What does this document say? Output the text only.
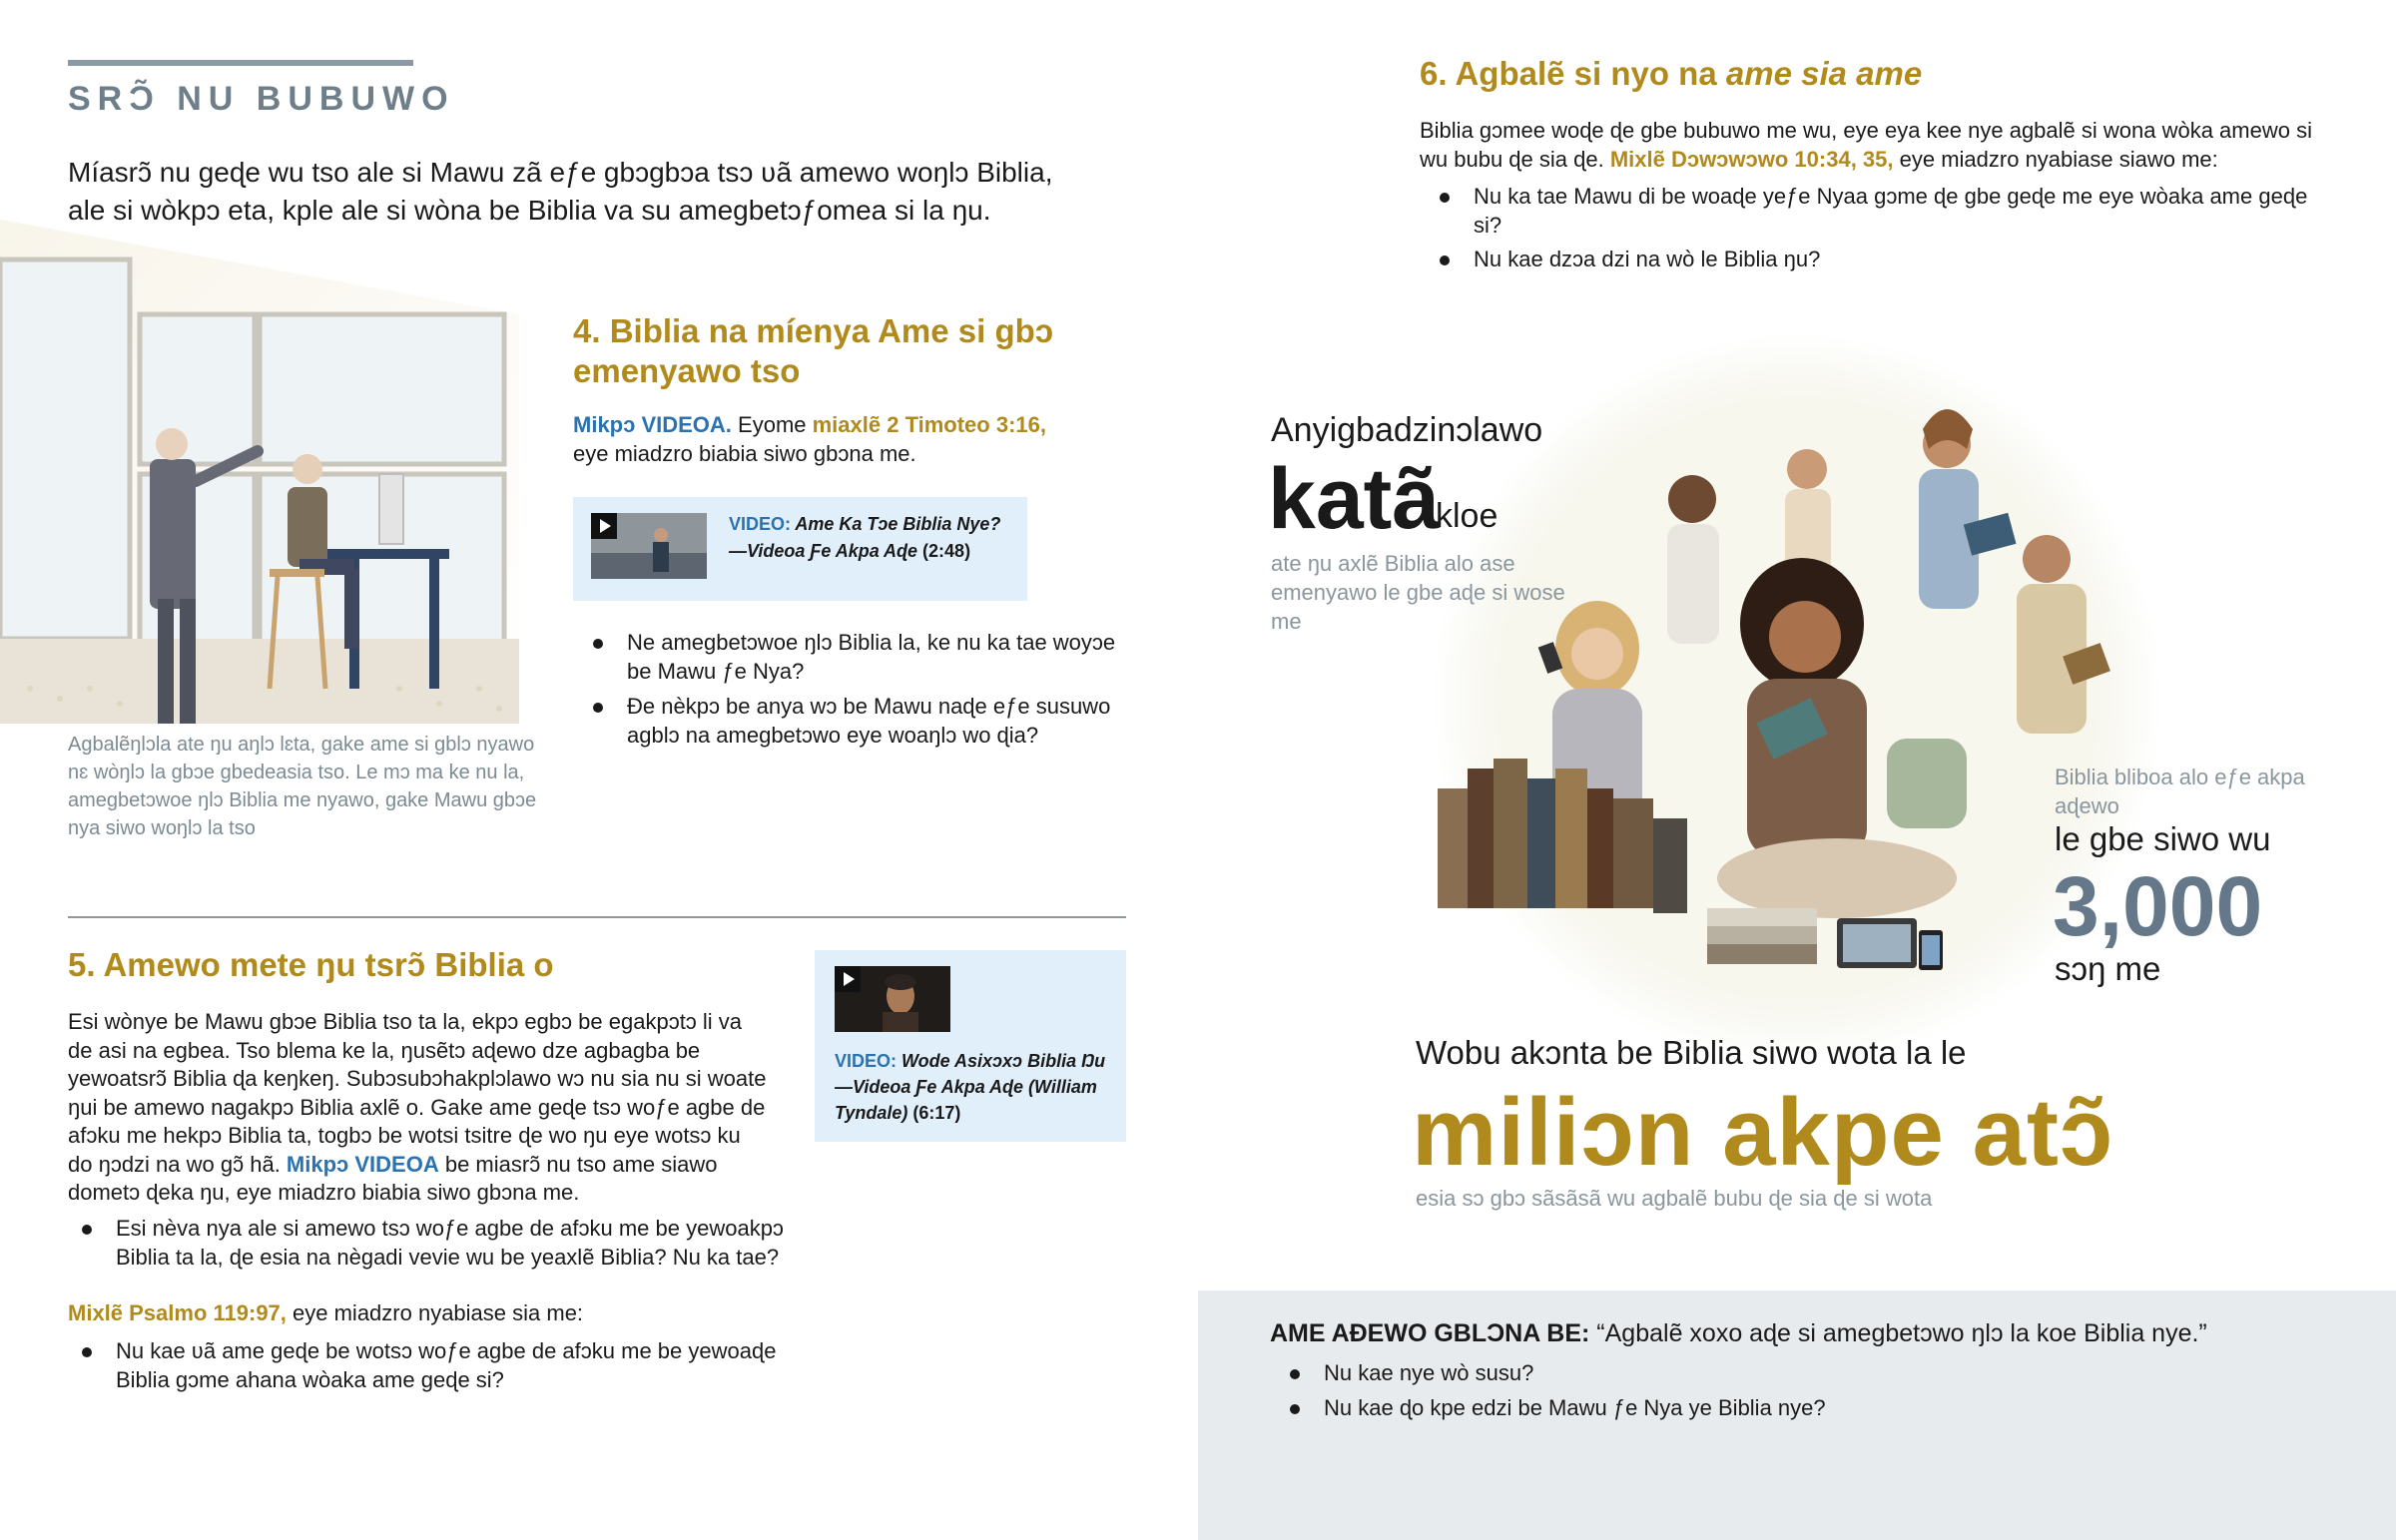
SRƆ̃ NU BUBUWO

Míasrɔ̃ nu geɖe wu tso ale si Mawu zã eƒe gbɔgbɔa tsɔ ʋã amewo woŋlɔ Biblia, ale si wòkpɔ eta, kple ale si wòna be Biblia va su amegbetɔƒomea si la ŋu.

Agbalẽŋlɔla ate ŋu aŋlɔ lɛta, gake ame si gblɔ nyawo nɛ wòŋlɔ la gbɔe gbedeasia tso. Le mɔ ma ke nu la, amegbetɔwoe ŋlɔ Biblia me nyawo, gake Mawu gbɔe nya siwo woŋlɔ la tso

4. Biblia na míenya Ame si gbɔ emenyawo tso

Mikpɔ VIDEOA. Eyome miaxlẽ 2 Timoteo 3:16,
eye miadzro biabia siwo gbɔna me.

VIDEO: Ame Ka Tɔe Biblia Nye? —Videoa Ƒe Akpa Aɖe (2:48)
Ne amegbetɔwoe ŋlɔ Biblia la, ke nu ka tae woyɔe be Mawu ƒe Nya?
Ɖe nèkpɔ be anya wɔ be Mawu naɖe eƒe susuwo agblɔ na amegbetɔwo eye woaŋlɔ wo ɖia?
5. Amewo mete ŋu tsrɔ̃ Biblia o

Esi wònye be Mawu gbɔe Biblia tso ta la, ekpɔ egbɔ be egakpɔtɔ li va de asi na egbea. Tso blema ke la, ŋusẽtɔ aɖewo dze agbagba be yewoatsrɔ̃ Biblia ɖa keŋkeŋ. Subɔsubɔhakplɔlawo wɔ nu sia nu si woate ŋui be amewo nagakpɔ Biblia axlẽ o. Gake ame geɖe tsɔ woƒe agbe de afɔku me hekpɔ Biblia ta, togbɔ be wotsi tsitre ɖe wo ŋu eye wotsɔ ku do ŋɔdzi na wo gɔ̃ hã. Mikpɔ VIDEOA be miasrɔ̃ nu tso ame siawo dometɔ ɖeka ŋu, eye miadzro biabia siwo gbɔna me.

Esi nèva nya ale si amewo tsɔ woƒe agbe de afɔku me be yewoakpɔ Biblia ta la, ɖe esia na nègadi vevie wu be yeaxlẽ Biblia? Nu ka tae?

Mixlẽ Psalmo 119:97, eye miadzro nyabiase sia me:

Nu kae ʋã ame geɖe be wotsɔ woƒe agbe de afɔku me be yewoaɖe Biblia gɔme ahana wòaka ame geɖe si?
VIDEO: Wode Asixɔxɔ Biblia Ŋu—Videoa Ƒe Akpa Aɖe (William Tyndale) (6:17)
6. Agbalẽ si nyo na ame sia ame

Biblia gɔmee woɖe ɖe gbe bubuwo me wu, eye eya kee nye agbalẽ si wona wòka amewo si wu bubu ɖe sia ɖe. Mixlẽ Dɔwɔwɔwo 10:34, 35, eye miadzro nyabiase siawo me:

Nu ka tae Mawu di be woaɖe yeƒe Nyaa gɔme ɖe gbe geɖe me eye wòaka ame geɖe si?
Nu kae dzɔa dzi na wò le Biblia ŋu?
Anyigbadzinɔlawo
katã
kloe

ate ŋu axlẽ Biblia alo ase emenyawo le gbe aɖe si wose me

Biblia bliboa alo eƒe akpa aɖewo

le gbe siwo wu
3,000
sɔŋ me
Wobu akɔnta be Biblia siwo wota la le
miliɔn akpe atɔ̃
esia sɔ gbɔ sãsãsã wu agbalẽ bubu ɖe sia ɖe si wota

AME AƉEWO GBLƆNA BE: “Agbalẽ xoxo aɖe si amegbetɔwo ŋlɔ la koe Biblia nye.”

Nu kae nye wò susu?
Nu kae ɖo kpe edzi be Mawu ƒe Nya ye Biblia nye?
